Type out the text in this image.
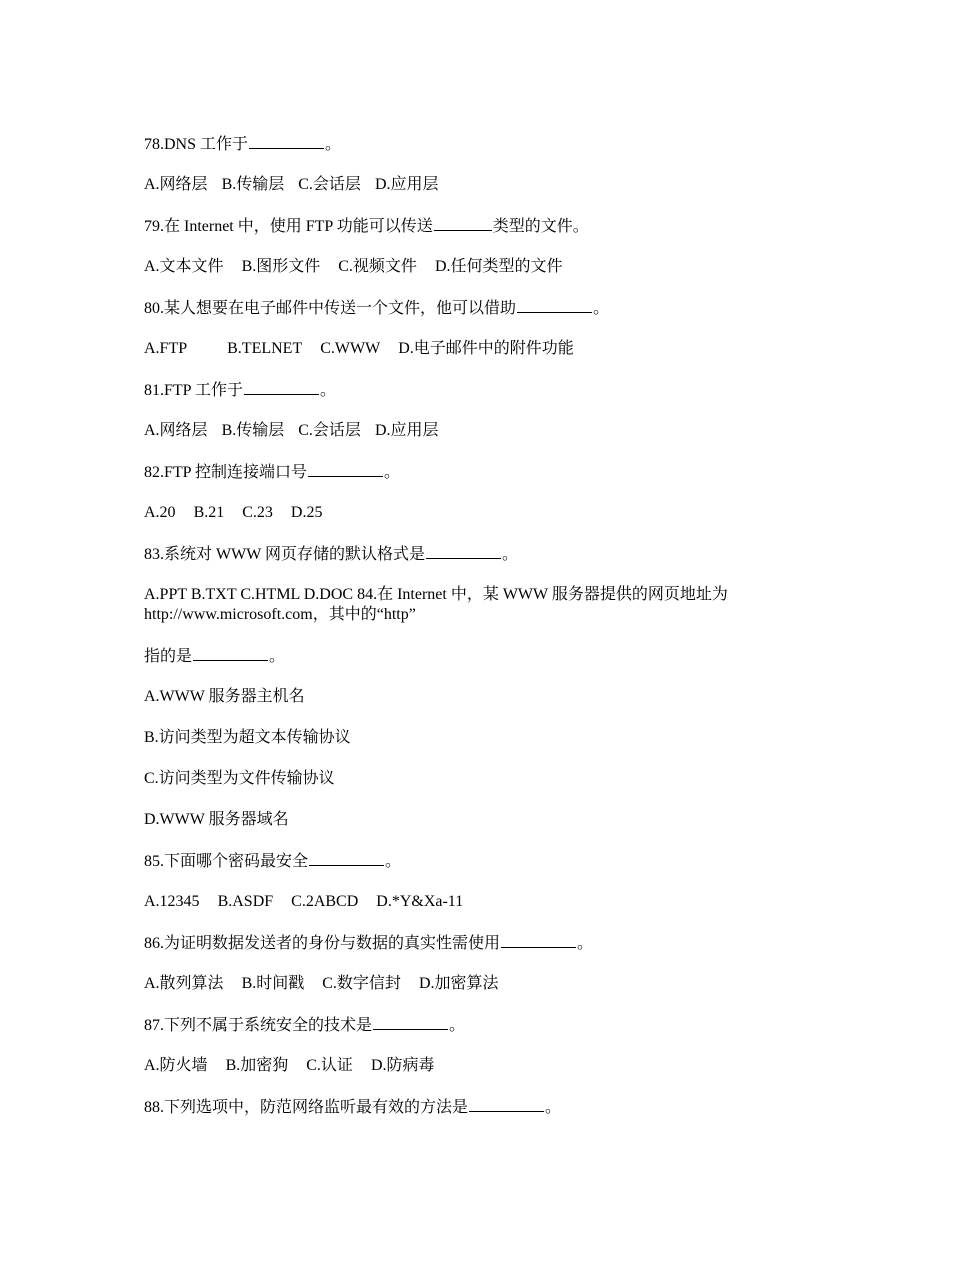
78.DNS 工作于	。
A.网络层 B.传输层 C.会话层 D.应用层
79.在 Internet 中，使用 FTP 功能可以传送	类型的文件。
A.文本文件 B.图形文件 C.视频文件 D.任何类型的文件
80.某人想要在电子邮件中传送一个文件，他可以借助	。
A.FTP	B.TELNET C.WWW D.电子邮件中的附件功能
81.FTP 工作于	。
A.网络层 B.传输层 C.会话层 D.应用层
82.FTP 控制连接端口号	。
A.20 B.21 C.23 D.25
83.系统对 WWW 网页存储的默认格式是	。
A.PPT B.TXT C.HTML D.DOC 84.在 Internet 中，某 WWW 服务器提供的网页地址为
http://www.microsoft.com，其中的“http”
指的是	。
A.WWW 服务器主机名
B.访问类型为超文本传输协议
C.访问类型为文件传输协议
D.WWW 服务器域名
85.下面哪个密码最安全	。
A.12345 B.ASDF C.2ABCD D.*Y&Xa-11
86.为证明数据发送者的身份与数据的真实性需使用	。
A.散列算法 B.时间戳 C.数字信封 D.加密算法
87.下列不属于系统安全的技术是	。
A.防火墙 B.加密狗 C.认证 D.防病毒
88.下列选项中，防范网络监听最有效的方法是	。
